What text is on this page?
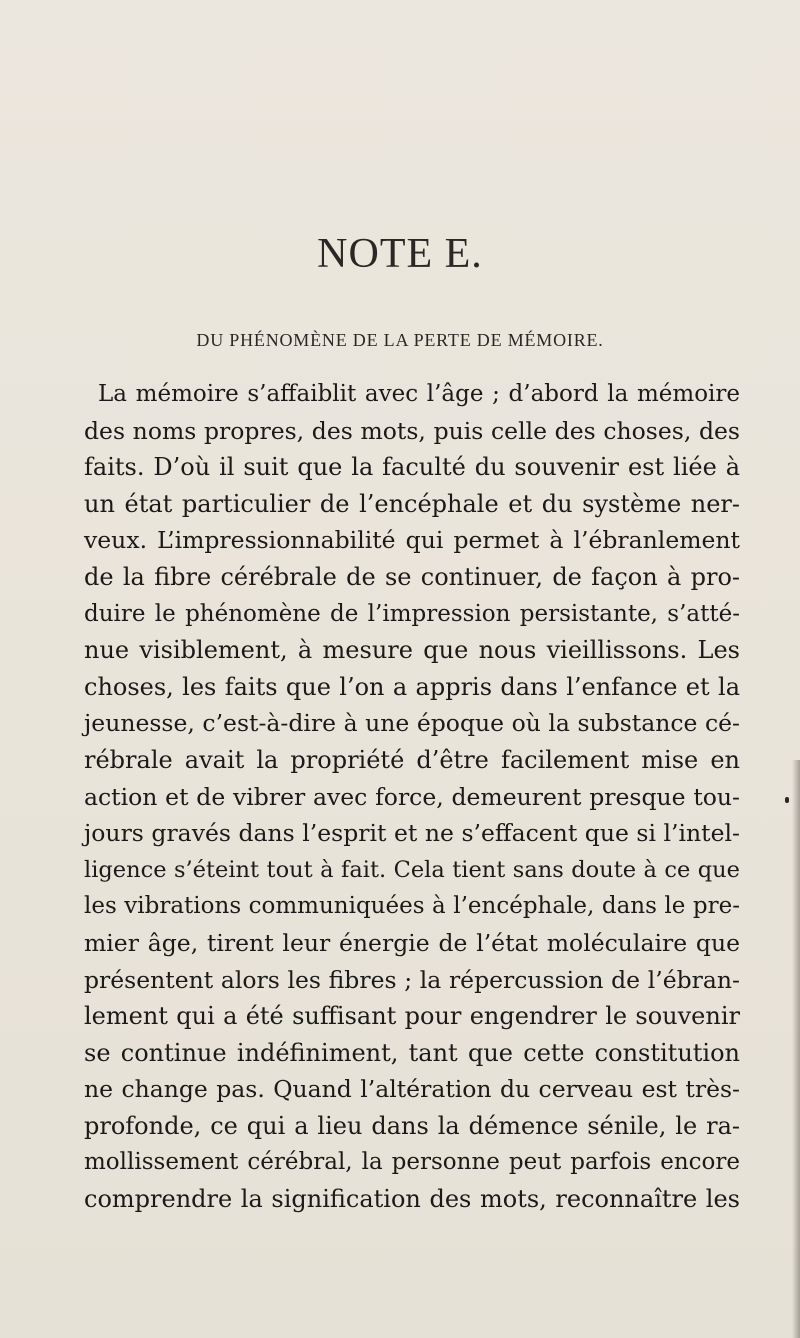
NOTE E.
DU PHÉNOMÈNE DE LA PERTE DE MÉMOIRE.
La mémoire s’affaiblit avec l’âge ; d’abord la mémoire
des noms propres, des mots, puis celle des choses, des
faits. D’où il suit que la faculté du souvenir est liée à
un état particulier de l’encéphale et du système ner-
veux. L’impressionnabilité qui permet à l’ébranlement
de la fibre cérébrale de se continuer, de façon à pro-
duire le phénomène de l’impression persistante, s’atté-
nue visiblement, à mesure que nous vieillissons. Les
choses, les faits que l’on a appris dans l’enfance et la
jeunesse, c’est-à-dire à une époque où la substance cé-
rébrale avait la propriété d’être facilement mise en
action et de vibrer avec force, demeurent presque tou-
jours gravés dans l’esprit et ne s’effacent que si l’intel-
ligence s’éteint tout à fait. Cela tient sans doute à ce que
les vibrations communiquées à l’encéphale, dans le pre-
mier âge, tirent leur énergie de l’état moléculaire que
présentent alors les fibres ; la répercussion de l’ébran-
lement qui a été suffisant pour engendrer le souvenir
se continue indéfiniment, tant que cette constitution
ne change pas. Quand l’altération du cerveau est très-
profonde, ce qui a lieu dans la démence sénile, le ra-
mollissement cérébral, la personne peut parfois encore
comprendre la signification des mots, reconnaître les
